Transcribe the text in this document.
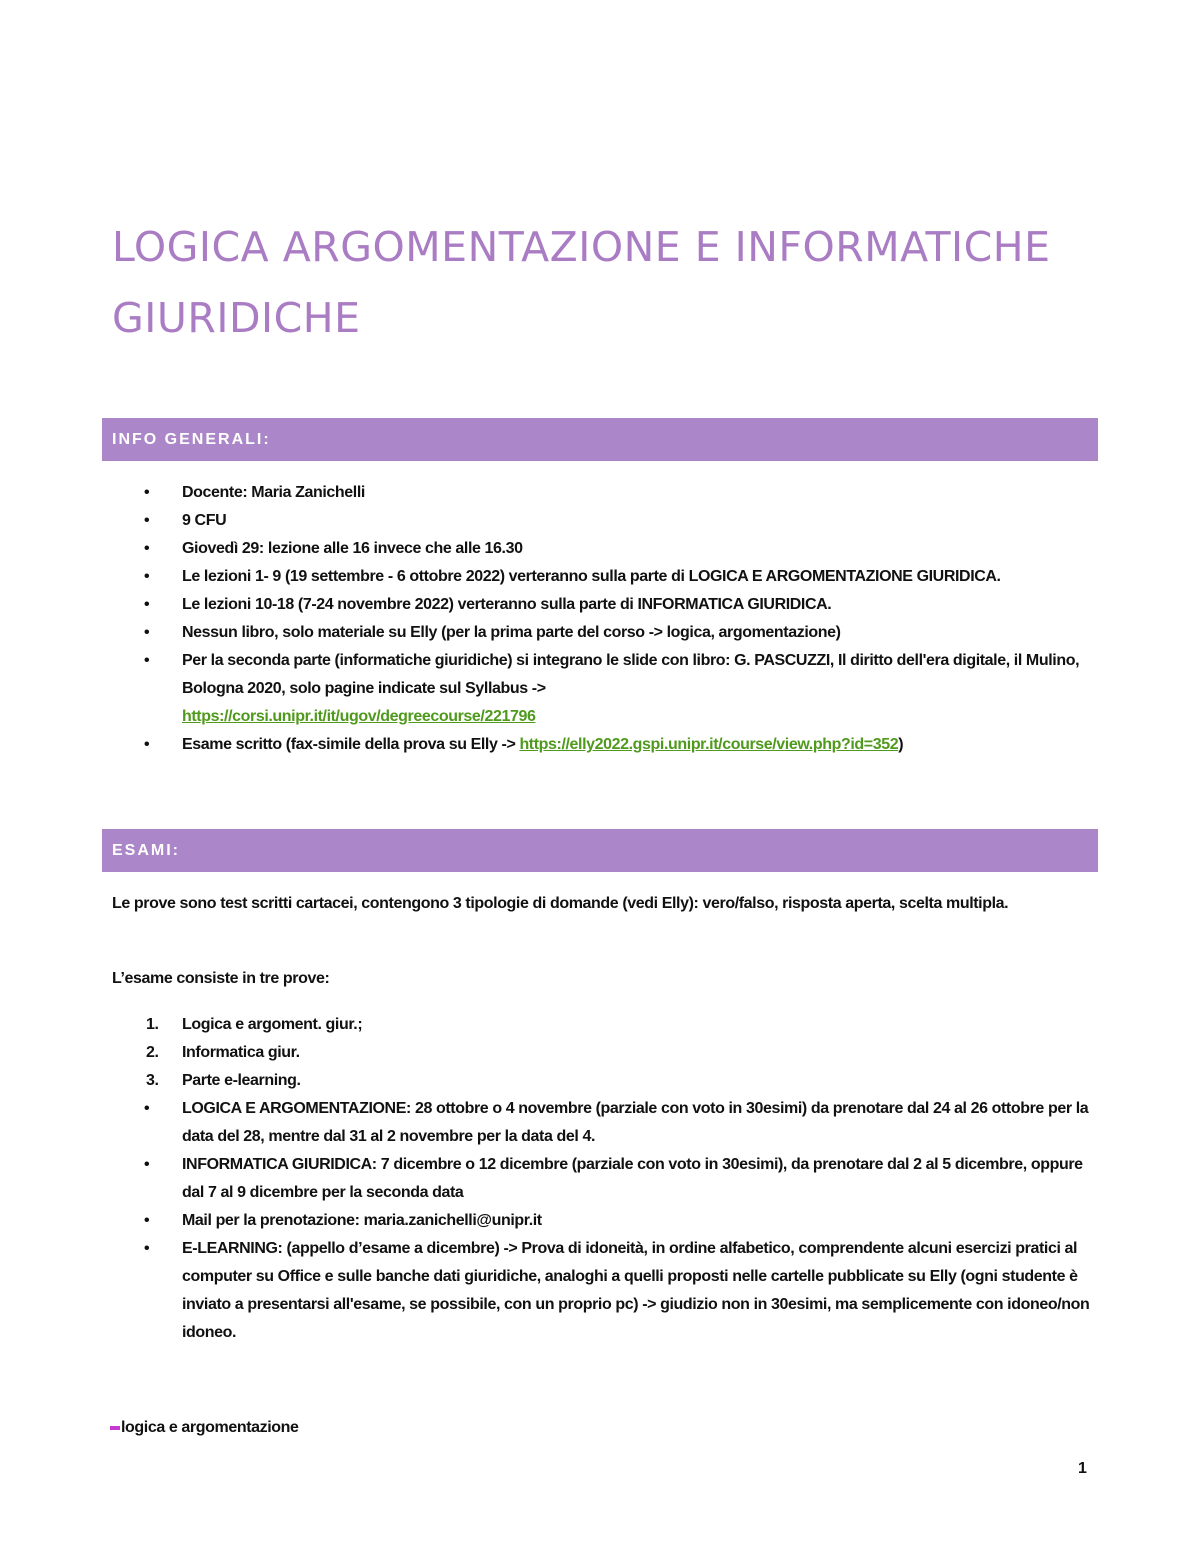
LOGICA ARGOMENTAZIONE E INFORMATICHE
GIURIDICHE
INFO GENERALI:
• Docente: Maria Zanichelli
• 9 CFU
• Giovedì 29: lezione alle 16 invece che alle 16.30
• Le lezioni 1- 9 (19 settembre - 6 ottobre 2022) verteranno sulla parte di LOGICA E ARGOMENTAZIONE GIURIDICA.
• Le lezioni 10-18 (7-24 novembre 2022) verteranno sulla parte di INFORMATICA GIURIDICA.
• Nessun libro, solo materiale su Elly (per la prima parte del corso -> logica, argomentazione)
• Per la seconda parte (informatiche giuridiche) si integrano le slide con libro: G. PASCUZZI, Il diritto dell'era digitale, il Mulino, Bologna 2020, solo pagine indicate sul Syllabus ->
https://corsi.unipr.it/it/ugov/degreecourse/221796
• Esame scritto (fax-simile della prova su Elly -> https://elly2022.gspi.unipr.it/course/view.php?id=352)
ESAMI:

Le prove sono test scritti cartacei, contengono 3 tipologie di domande (vedi Elly): vero/falso, risposta aperta, scelta multipla.

L’esame consiste in tre prove:

1. Logica e argoment. giur.;
2. Informatica giur.
3. Parte e-learning.
• LOGICA E ARGOMENTAZIONE: 28 ottobre o 4 novembre (parziale con voto in 30esimi) da prenotare dal 24 al 26 ottobre per la data del 28, mentre dal 31 al 2 novembre per la data del 4.
• INFORMATICA GIURIDICA: 7 dicembre o 12 dicembre (parziale con voto in 30esimi), da prenotare dal 2 al 5 dicembre, oppure dal 7 al 9 dicembre per la seconda data
• Mail per la prenotazione: maria.zanichelli@unipr.it
• E-LEARNING: (appello d’esame a dicembre) -> Prova di idoneità, in ordine alfabetico, comprendente alcuni esercizi pratici al computer su Office e sulle banche dati giuridiche, analoghi a quelli proposti nelle cartelle pubblicate su Elly (ogni studente è inviato a presentarsi all'esame, se possibile, con un proprio pc) -> giudizio non in 30esimi, ma semplicemente con idoneo/non idoneo.
logica e argomentazione
1
